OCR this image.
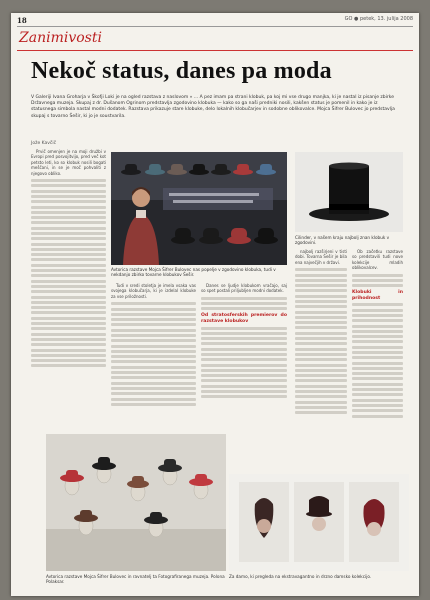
18	GO ● petek, 13. julija 2008
Zanimivosti
Nekoč status, danes pa moda
V Galeriji Ivana Groharja v Škofji Loki je na ogled razstava z naslovom » ... A pez imam pa strani klobuk, pa koj mi vse drugo manjka, ki je nastal iz pisanje zbirke Državnega muzeja. Skupaj z dr. Dušanom Ogrinom predstavlja zgodovino klobuka — kako so ga naši predniki nosili, kakšen status je pomenil in kako je iz statusnega simbola nastal modni dodatek. Razstava prikazuje stare klobuke, delo lokalnih klobučarjev in sodobne oblikovalce. Mojca Šifrer Bulovec jo predstavlja skupaj s tovarno Šešir, ki jo je soustvarila.
Jože Kavčič

Prvič omenjen je na moji družbi v Evropi pred posvojitvijo, pred več kot petsto leti, ko so klobuk nosili bogati meščani, in se je moč pohvaliti z njegovo obliko.

Avtorica razstave Mojca Šifrer Bulovec nas popelje v zgodovino klobuka, tudi v nekdanjo zbirko tovarne klobukov Šešir.
Cilinder, v našem kraju najbolj znan klobuk v zgodovini.

Tudi v sredi stoletja je imela vsaka vas svojega klobučarja, ki je izdelal klobuke za vse priložnosti.

Danes se ljudje klobukom vračajo, saj so spet postali priljubljen modni dodatek.

Od stratosferskih premierov do razstave klobukov

najbolj razširjeni v tisti dobi. Tovarna Šešir je bila ena največjih v državi.

Ob začetku razstave so predstavili tudi nove kolekcije mladih oblikovalcev.

Klobuki in prihodnost
Avtorica razstave Mojca Šifrer Bulovec in ravnatelj ta Fotografiranega muzeja. Polona Polaksar.
Za damo, ki pregleda na ekstravagantno in drzno damsko kolekcijo.
